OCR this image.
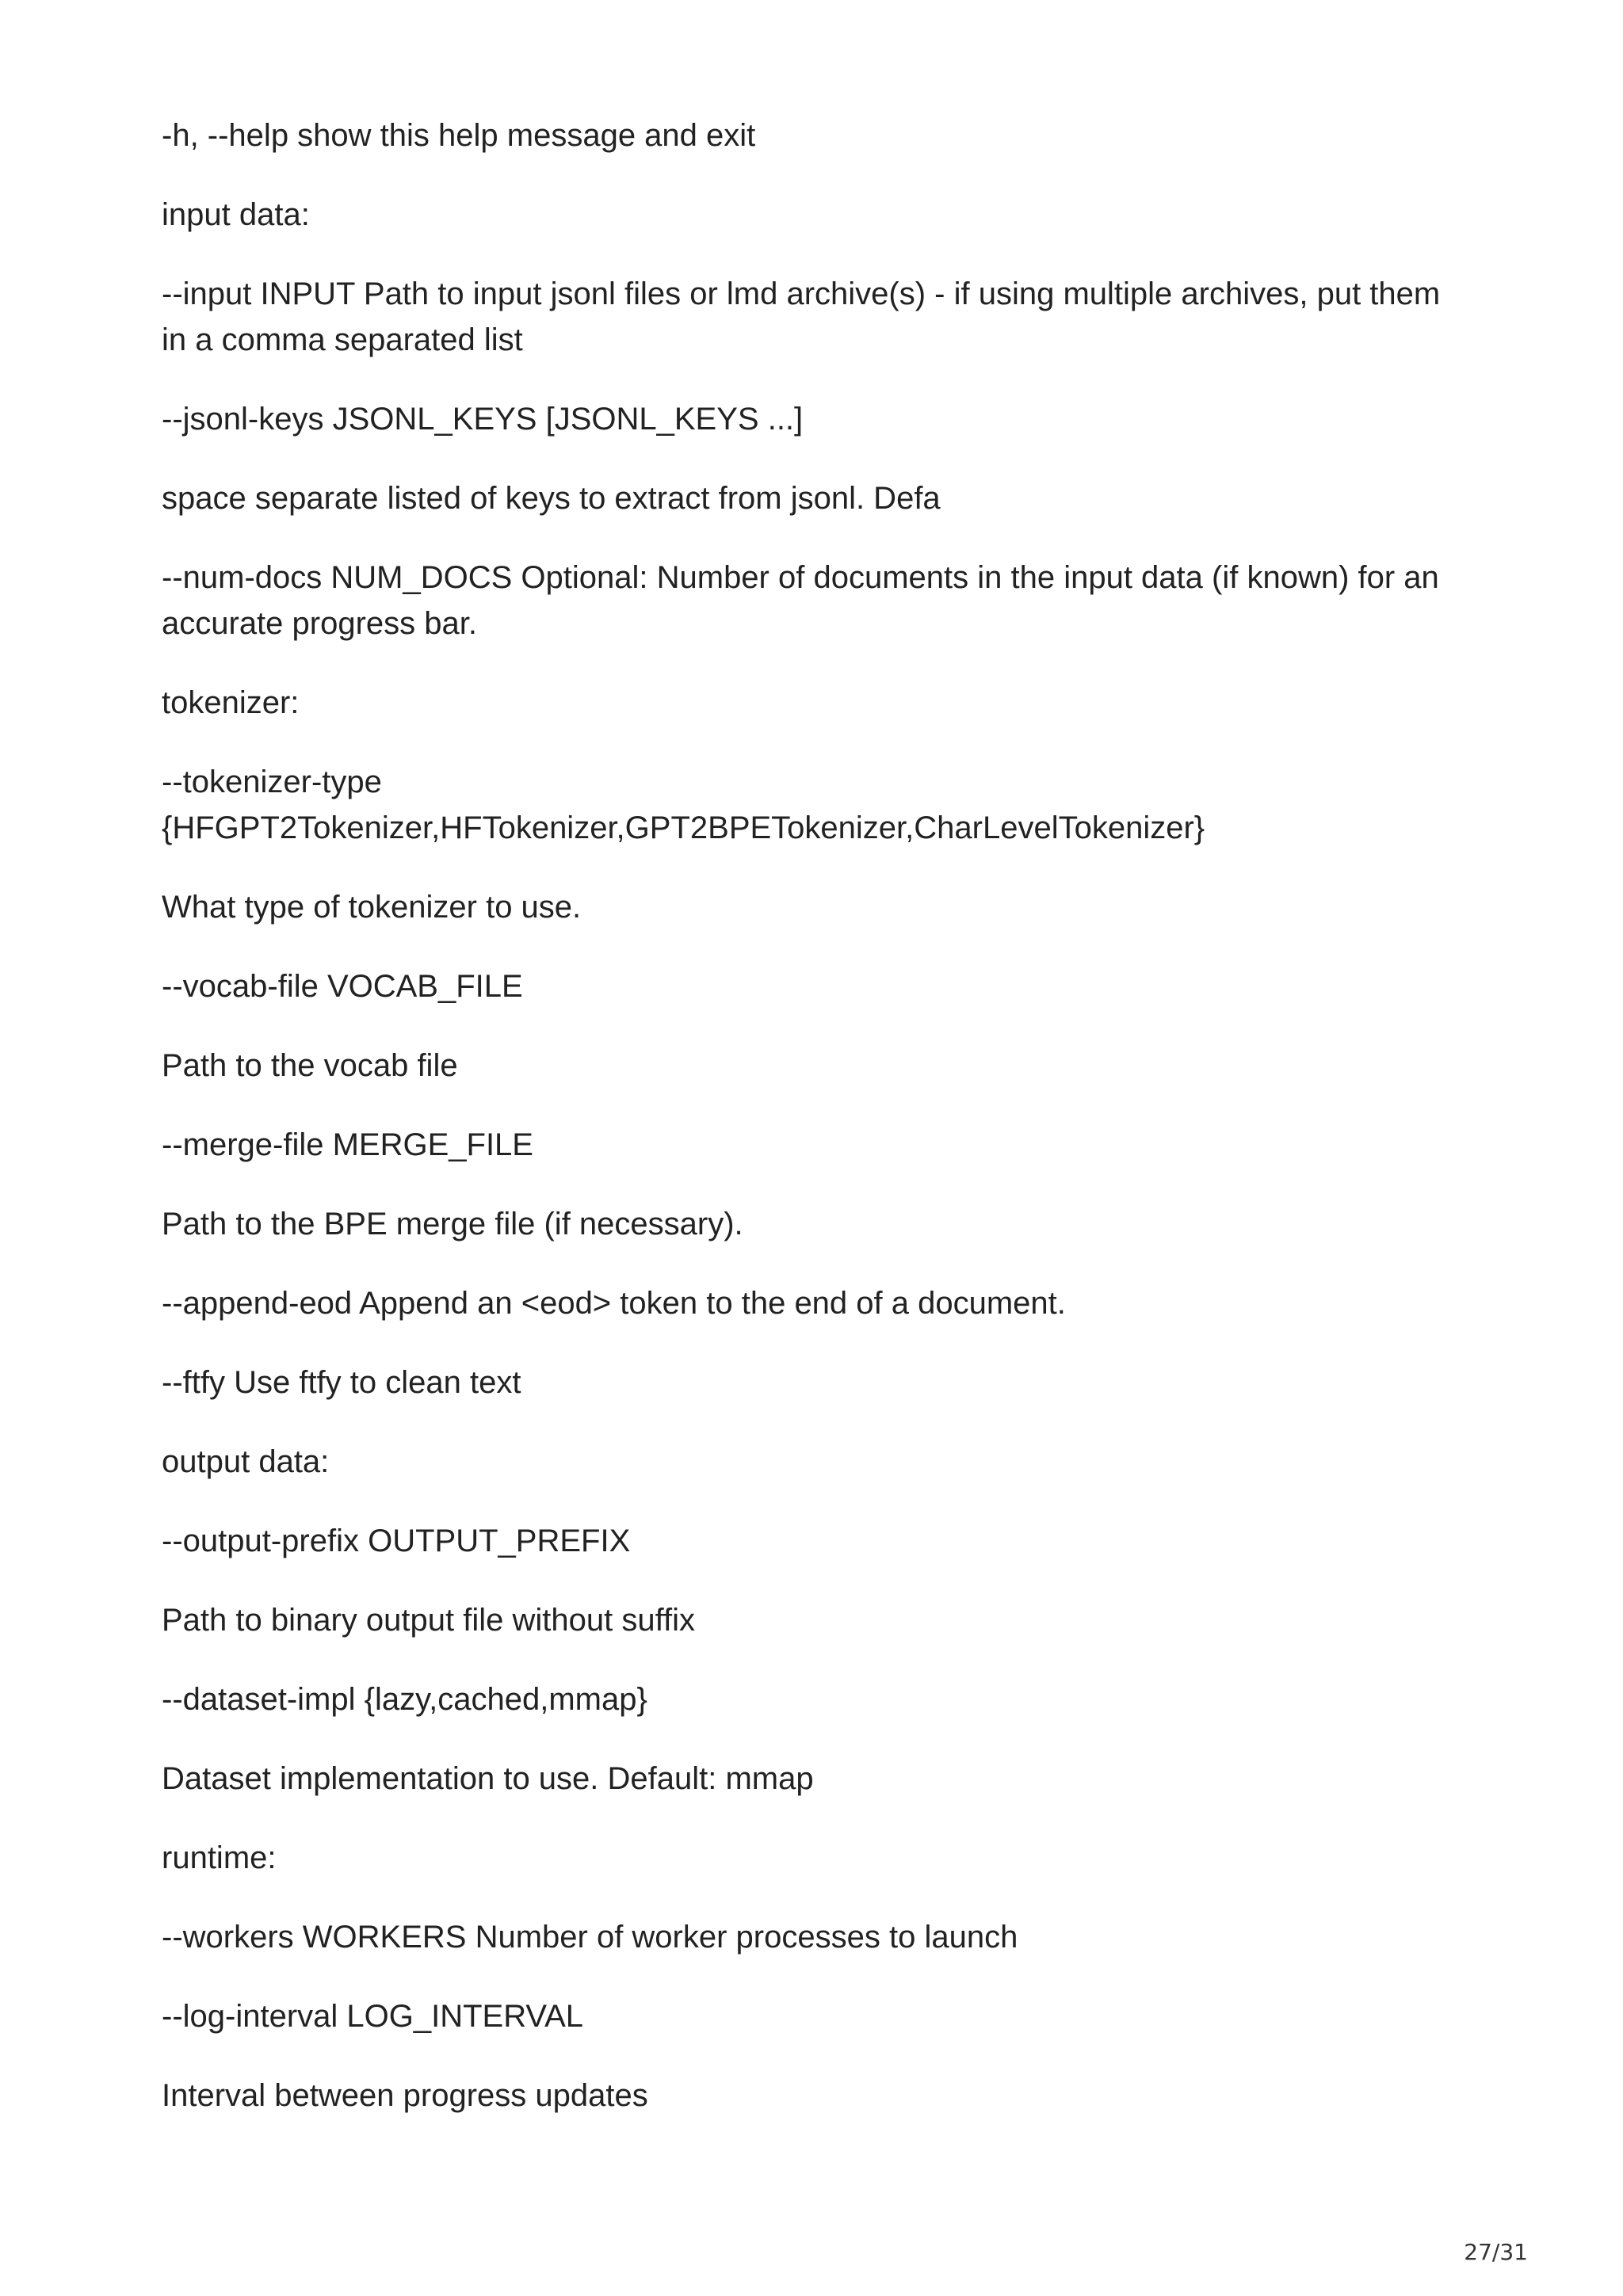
-h, --help show this help message and exit

input data:

--input INPUT Path to input jsonl files or lmd archive(s) - if using multiple archives, put them in a comma separated list

--jsonl-keys JSONL_KEYS [JSONL_KEYS ...]

space separate listed of keys to extract from jsonl. Defa

--num-docs NUM_DOCS Optional: Number of documents in the input data (if known) for an accurate progress bar.

tokenizer:

--tokenizer-type
{HFGPT2Tokenizer,HFTokenizer,GPT2BPETokenizer,CharLevelTokenizer}

What type of tokenizer to use.

--vocab-file VOCAB_FILE

Path to the vocab file

--merge-file MERGE_FILE

Path to the BPE merge file (if necessary).

--append-eod Append an <eod> token to the end of a document.

--ftfy Use ftfy to clean text

output data:

--output-prefix OUTPUT_PREFIX

Path to binary output file without suffix

--dataset-impl {lazy,cached,mmap}

Dataset implementation to use. Default: mmap

runtime:

--workers WORKERS Number of worker processes to launch

--log-interval LOG_INTERVAL

Interval between progress updates

27/31
